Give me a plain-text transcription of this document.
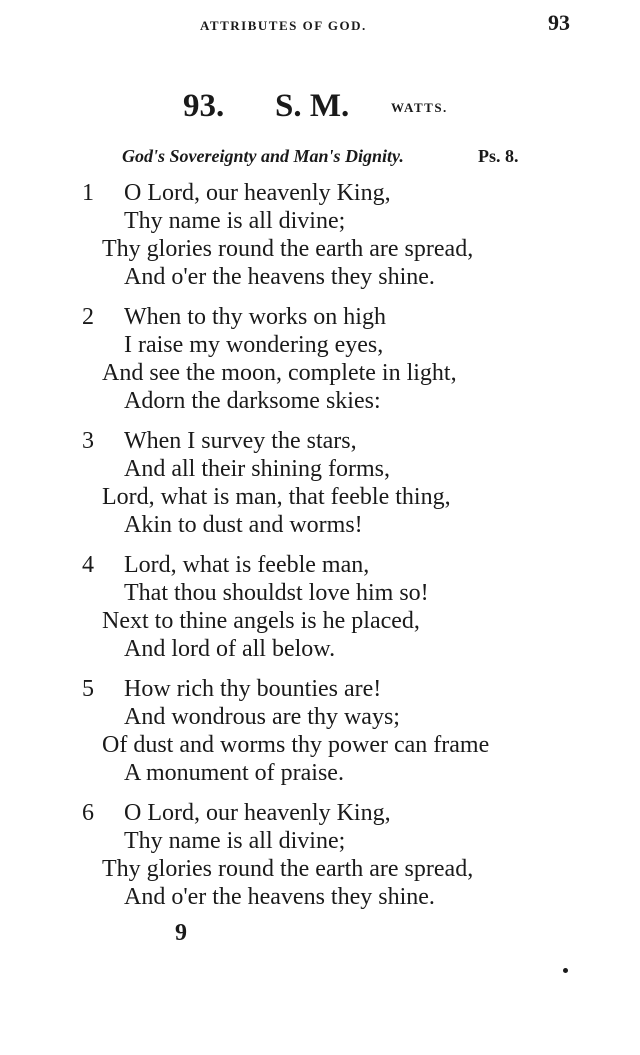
ATTRIBUTES OF GOD.	93
93. S. M.	WATTS.
God's Sovereignty and Man's Dignity.	Ps. 8.
1 O Lord, our heavenly King,
Thy name is all divine;
Thy glories round the earth are spread,
And o'er the heavens they shine.
2 When to thy works on high
I raise my wondering eyes,
And see the moon, complete in light,
Adorn the darksome skies:
3 When I survey the stars,
And all their shining forms,
Lord, what is man, that feeble thing,
Akin to dust and worms!
4 Lord, what is feeble man,
That thou shouldst love him so!
Next to thine angels is he placed,
And lord of all below.
5 How rich thy bounties are!
And wondrous are thy ways;
Of dust and worms thy power can frame
A monument of praise.
6 O Lord, our heavenly King,
Thy name is all divine;
Thy glories round the earth are spread,
And o'er the heavens they shine.
9
